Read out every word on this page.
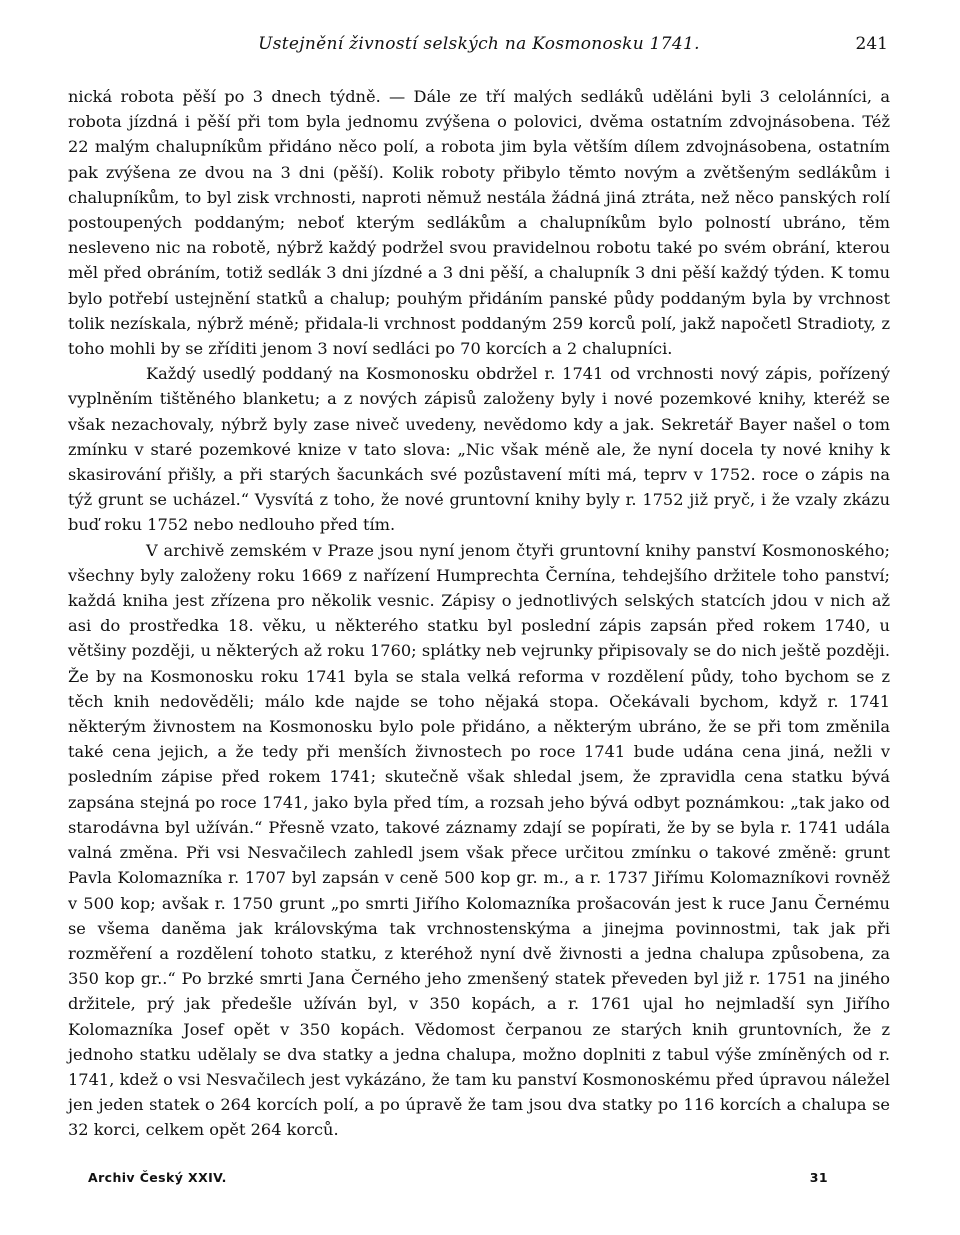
Ustejnění živností selských na Kosmonosku 1741.	241

nická robota pěší po 3 dnech týdně. — Dále ze tří malých sedláků uděláni byli 3 celolánníci, a robota jízdná i pěší při tom byla jednomu zvýšena o polovici, dvěma ostatním zdvojnásobena. Též 22 malým chalupníkům přidáno něco polí, a robota jim byla větším dílem zdvojnásobena, ostatním pak zvýšena ze dvou na 3 dni (pěší). Kolik roboty přibylo těmto novým a zvětšeným sedlákům i chalupníkům, to byl zisk vrchnosti, naproti němuž nestála žádná jiná ztráta, než něco panských rolí postoupených poddaným; neboť kterým sedlákům a chalupníkům bylo polností ubráno, těm nesleveno nic na robotě, nýbrž každý podržel svou pravidelnou robotu také po svém obrání, kterou měl před obráním, totiž sedlák 3 dni jízdné a 3 dni pěší, a chalupník 3 dni pěší každý týden. K tomu bylo potřebí ustejnění statků a chalup; pouhým přidáním panské půdy poddaným byla by vrchnost tolik nezískala, nýbrž méně; přidala-li vrchnost poddaným 259 korců polí, jakž napočetl Stradioty, z toho mohli by se zříditi jenom 3 noví sedláci po 70 korcích a 2 chalupníci.

Každý usedlý poddaný na Kosmonosku obdržel r. 1741 od vrchnosti nový zápis, pořízený vyplněním tištěného blanketu; a z nových zápisů založeny byly i nové pozemkové knihy, kteréž se však nezachovaly, nýbrž byly zase niveč uvedeny, nevědomo kdy a jak. Sekretář Bayer našel o tom zmínku v staré pozemkové knize v tato slova: „Nic však méně ale, že nyní docela ty nové knihy k skasirování přišly, a při starých šacunkách své pozůstavení míti má, teprv v 1752. roce o zápis na týž grunt se ucházel.“ Vysvítá z toho, že nové gruntovní knihy byly r. 1752 již pryč, i že vzaly zkázu buď roku 1752 nebo nedlouho před tím.

V archivě zemském v Praze jsou nyní jenom čtyři gruntovní knihy panství Kosmonoského; všechny byly založeny roku 1669 z nařízení Humprechta Černína, tehdejšího držitele toho panství; každá kniha jest zřízena pro několik vesnic. Zápisy o jednotlivých selských statcích jdou v nich až asi do prostředka 18. věku, u některého statku byl poslední zápis zapsán před rokem 1740, u většiny později, u některých až roku 1760; splátky neb vejrunky připisovaly se do nich ještě později. Že by na Kosmonosku roku 1741 byla se stala velká reforma v rozdělení půdy, toho bychom se z těch knih nedověděli; málo kde najde se toho nějaká stopa. Očekávali bychom, když r. 1741 některým živnostem na Kosmonosku bylo pole přidáno, a některým ubráno, že se při tom změnila také cena jejich, a že tedy při menších živnostech po roce 1741 bude udána cena jiná, nežli v posledním zápise před rokem 1741; skutečně však shledal jsem, že zpravidla cena statku bývá zapsána stejná po roce 1741, jako byla před tím, a rozsah jeho bývá odbyt poznámkou: „tak jako od starodávna byl užíván.“ Přesně vzato, takové záznamy zdají se popírati, že by se byla r. 1741 udála valná změna. Při vsi Nesvačilech zahledl jsem však přece určitou zmínku o takové změně: grunt Pavla Kolomazníka r. 1707 byl zapsán v ceně 500 kop gr. m., a r. 1737 Jiřímu Kolomazníkovi rovněž v 500 kop; avšak r. 1750 grunt „po smrti Jiřího Kolomazníka prošacován jest k ruce Janu Černému se všema daněma jak královskýma tak vrchnostenskýma a jinejma povinnostmi, tak jak při rozměření a rozdělení tohoto statku, z kteréhož nyní dvě živnosti a jedna chalupa způsobena, za 350 kop gr..“ Po brzké smrti Jana Černého jeho zmenšený statek převeden byl již r. 1751 na jiného držitele, prý jak předešle užíván byl, v 350 kopách, a r. 1761 ujal ho nejmladší syn Jiřího Kolomazníka Josef opět v 350 kopách. Vědomost čerpanou ze starých knih gruntovních, že z jednoho statku udělaly se dva statky a jedna chalupa, možno doplniti z tabul výše zmíněných od r. 1741, kdež o vsi Nesvačilech jest vykázáno, že tam ku panství Kosmonoskému před úpravou náležel jen jeden statek o 264 korcích polí, a po úpravě že tam jsou dva statky po 116 korcích a chalupa se 32 korci, celkem opět 264 korců.

Archiv Český XXIV.	31
